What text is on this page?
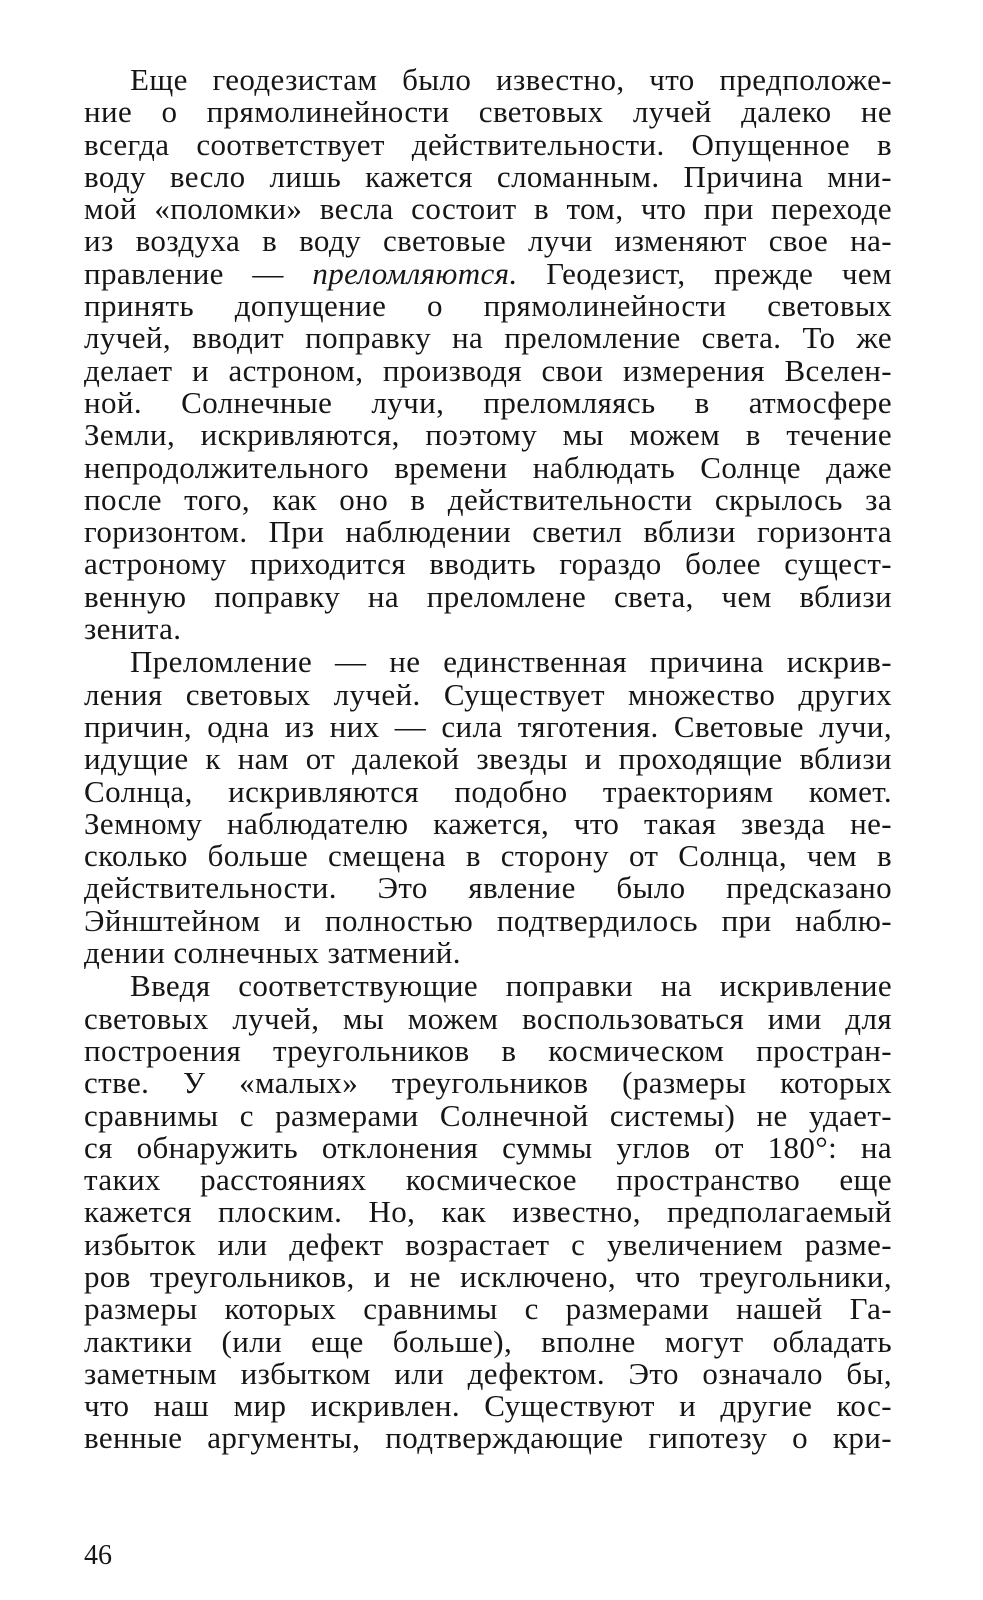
Еще геодезистам было известно, что предположе-
ние о прямолинейности световых лучей далеко не
всегда соответствует действительности. Опущенное в
воду весло лишь кажется сломанным. Причина мни-
мой «поломки» весла состоит в том, что при переходе
из воздуха в воду световые лучи изменяют свое на-
правление — преломляются. Геодезист, прежде чем
принять допущение о прямолинейности световых
лучей, вводит поправку на преломление света. То же
делает и астроном, производя свои измерения Вселен-
ной. Солнечные лучи, преломляясь в атмосфере
Земли, искривляются, поэтому мы можем в течение
непродолжительного времени наблюдать Солнце даже
после того, как оно в действительности скрылось за
горизонтом. При наблюдении светил вблизи горизонта
астроному приходится вводить гораздо более сущест-
венную поправку на преломлене света, чем вблизи
зенита.
Преломление — не единственная причина искрив-
ления световых лучей. Существует множество других
причин, одна из них — сила тяготения. Световые лучи,
идущие к нам от далекой звезды и проходящие вблизи
Солнца, искривляются подобно траекториям комет.
Земному наблюдателю кажется, что такая звезда не-
сколько больше смещена в сторону от Солнца, чем в
действительности. Это явление было предсказано
Эйнштейном и полностью подтвердилось при наблю-
дении солнечных затмений.
Введя соответствующие поправки на искривление
световых лучей, мы можем воспользоваться ими для
построения треугольников в космическом простран-
стве. У «малых» треугольников (размеры которых
сравнимы с размерами Солнечной системы) не удает-
ся обнаружить отклонения суммы углов от 180°: на
таких расстояниях космическое пространство еще
кажется плоским. Но, как известно, предполагаемый
избыток или дефект возрастает с увеличением разме-
ров треугольников, и не исключено, что треугольники,
размеры которых сравнимы с размерами нашей Га-
лактики (или еще больше), вполне могут обладать
заметным избытком или дефектом. Это означало бы,
что наш мир искривлен. Существуют и другие кос-
венные аргументы, подтверждающие гипотезу о кри-
46
